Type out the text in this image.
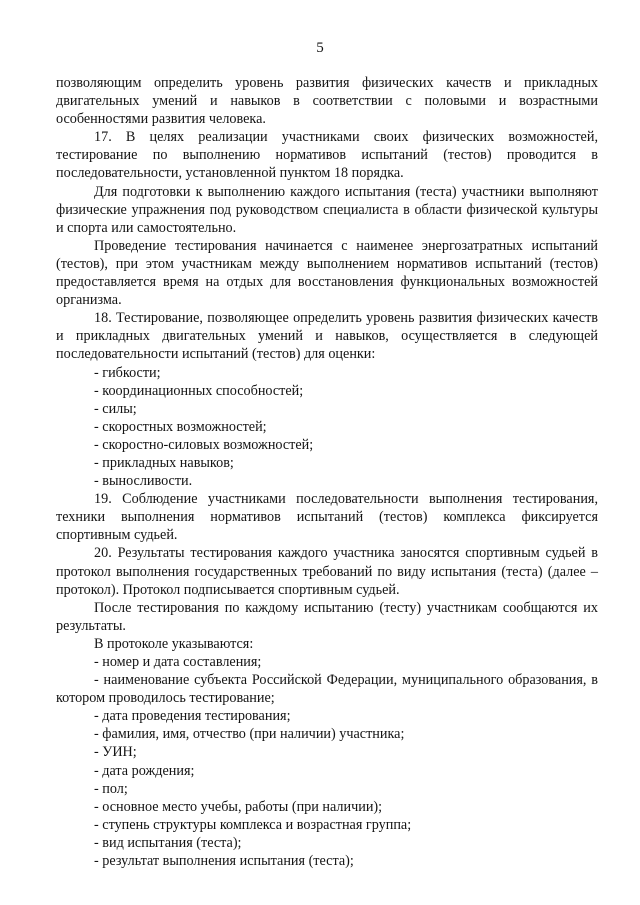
5

позволяющим определить уровень развития физических качеств и прикладных двигательных умений и навыков в соответствии с половыми и возрастными особенностями развития человека.

17. В целях реализации участниками своих физических возможностей, тестирование по выполнению нормативов испытаний (тестов) проводится в последовательности, установленной пунктом 18 порядка.

Для подготовки к выполнению каждого испытания (теста) участники выполняют физические упражнения под руководством специалиста в области физической культуры и спорта или самостоятельно.

Проведение тестирования начинается с наименее энергозатратных испытаний (тестов), при этом участникам между выполнением нормативов испытаний (тестов) предоставляется время на отдых для восстановления функциональных возможностей организма.

18. Тестирование, позволяющее определить уровень развития физических качеств и прикладных двигательных умений и навыков, осуществляется в следующей последовательности испытаний (тестов) для оценки:

- гибкости;

- координационных способностей;

- силы;

- скоростных возможностей;

- скоростно-силовых возможностей;

- прикладных навыков;

- выносливости.

19. Соблюдение участниками последовательности выполнения тестирования, техники выполнения нормативов испытаний (тестов) комплекса фиксируется спортивным судьей.

20. Результаты тестирования каждого участника заносятся спортивным судьей в протокол выполнения государственных требований по виду испытания (теста) (далее – протокол). Протокол подписывается спортивным судьей.

После тестирования по каждому испытанию (тесту) участникам сообщаются их результаты.

В протоколе указываются:

- номер и дата составления;

- наименование субъекта Российской Федерации, муниципального образования, в котором проводилось тестирование;

- дата проведения тестирования;

- фамилия, имя, отчество (при наличии) участника;

- УИН;

- дата рождения;

- пол;

- основное место учебы, работы (при наличии);

- ступень структуры комплекса и возрастная группа;

- вид испытания (теста);

- результат выполнения испытания (теста);
